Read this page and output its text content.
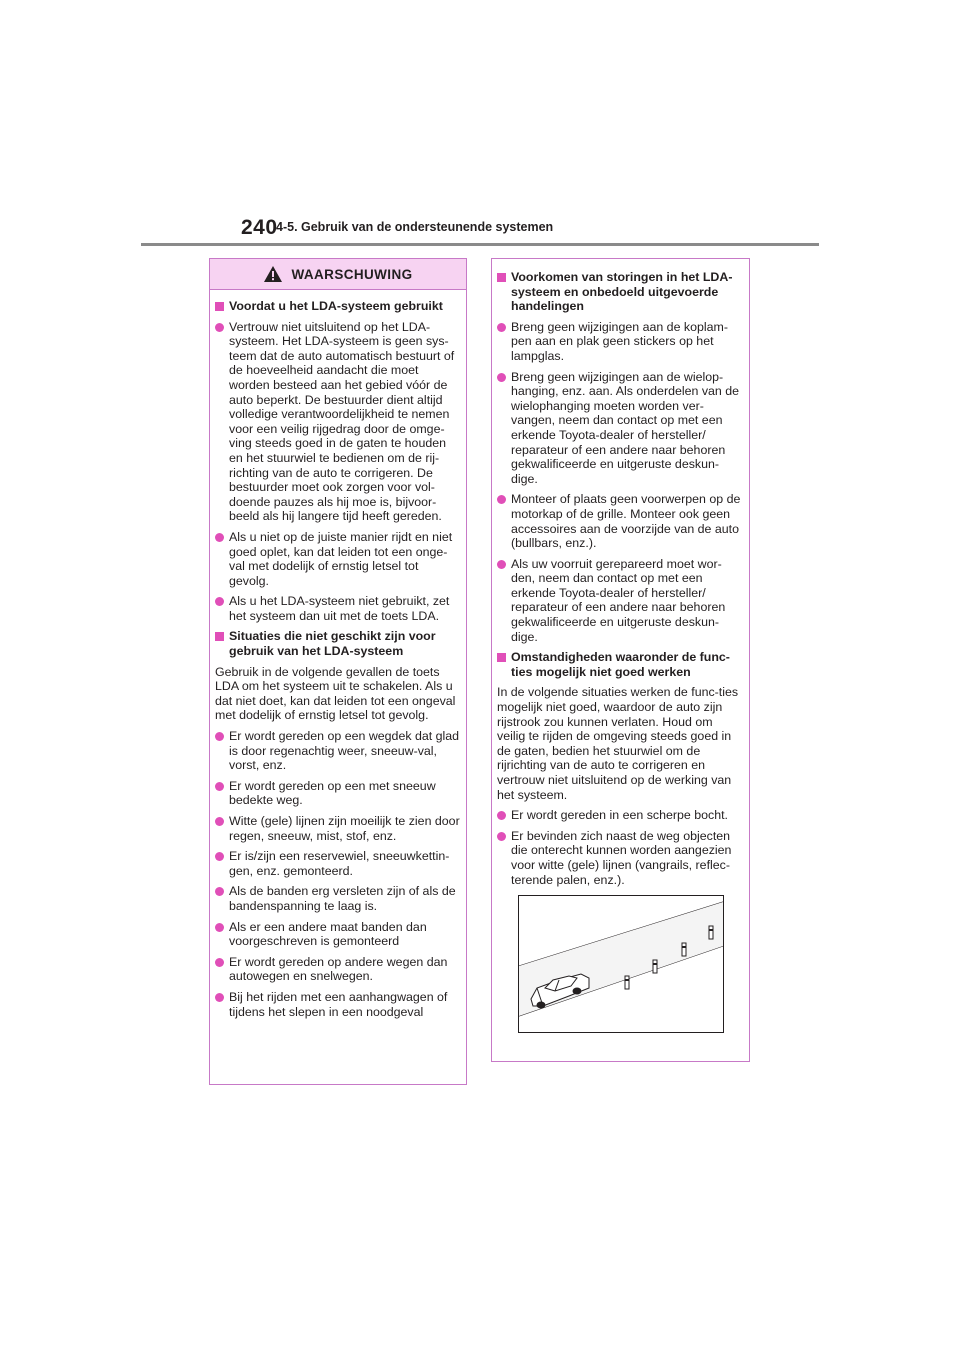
240
4-5. Gebruik van de ondersteunende systemen
WAARSCHUWING
Voordat u het LDA-systeem gebruikt
Vertrouw niet uitsluitend op het LDA-systeem. Het LDA-systeem is geen sys-teem dat de auto automatisch bestuurt of de hoeveelheid aandacht die moet worden besteed aan het gebied vóór de auto beperkt. De bestuurder dient altijd volledige verantwoordelijkheid te nemen voor een veilig rijgedrag door de omge-ving steeds goed in de gaten te houden en het stuurwiel te bedienen om de rij-richting van de auto te corrigeren. De bestuurder moet ook zorgen voor vol-doende pauzes als hij moe is, bijvoor-beeld als hij langere tijd heeft gereden.
Als u niet op de juiste manier rijdt en niet goed oplet, kan dat leiden tot een onge-val met dodelijk of ernstig letsel tot gevolg.
Als u het LDA-systeem niet gebruikt, zet het systeem dan uit met de toets LDA.
Situaties die niet geschikt zijn voor gebruik van het LDA-systeem
Gebruik in de volgende gevallen de toets LDA om het systeem uit te schakelen. Als u dat niet doet, kan dat leiden tot een ongeval met dodelijk of ernstig letsel tot gevolg.
Er wordt gereden op een wegdek dat glad is door regenachtig weer, sneeuw-val, vorst, enz.
Er wordt gereden op een met sneeuw bedekte weg.
Witte (gele) lijnen zijn moeilijk te zien door regen, sneeuw, mist, stof, enz.
Er is/zijn een reservewiel, sneeuwkettin-gen, enz. gemonteerd.
Als de banden erg versleten zijn of als de bandenspanning te laag is.
Als er een andere maat banden dan voorgeschreven is gemonteerd
Er wordt gereden op andere wegen dan autowegen en snelwegen.
Bij het rijden met een aanhangwagen of tijdens het slepen in een noodgeval
Voorkomen van storingen in het LDA-systeem en onbedoeld uitgevoerde handelingen
Breng geen wijzigingen aan de koplam-pen aan en plak geen stickers op het lampglas.
Breng geen wijzigingen aan de wielop-hanging, enz. aan. Als onderdelen van de wielophanging moeten worden ver-vangen, neem dan contact op met een erkende Toyota-dealer of hersteller/ reparateur of een andere naar behoren gekwalificeerde en uitgeruste deskun-dige.
Monteer of plaats geen voorwerpen op de motorkap of de grille. Monteer ook geen accessoires aan de voorzijde van de auto (bullbars, enz.).
Als uw voorruit gerepareerd moet wor-den, neem dan contact op met een erkende Toyota-dealer of hersteller/ reparateur of een andere naar behoren gekwalificeerde en uitgeruste deskun-dige.
Omstandigheden waaronder de func-ties mogelijk niet goed werken
In de volgende situaties werken de func-ties mogelijk niet goed, waardoor de auto zijn rijstrook zou kunnen verlaten. Houd om veilig te rijden de omgeving steeds goed in de gaten, bedien het stuurwiel om de rijrichting van de auto te corrigeren en vertrouw niet uitsluitend op de werking van het systeem.
Er wordt gereden in een scherpe bocht.
Er bevinden zich naast de weg objecten die onterecht kunnen worden aangezien voor witte (gele) lijnen (vangrails, reflec-terende palen, enz.).
